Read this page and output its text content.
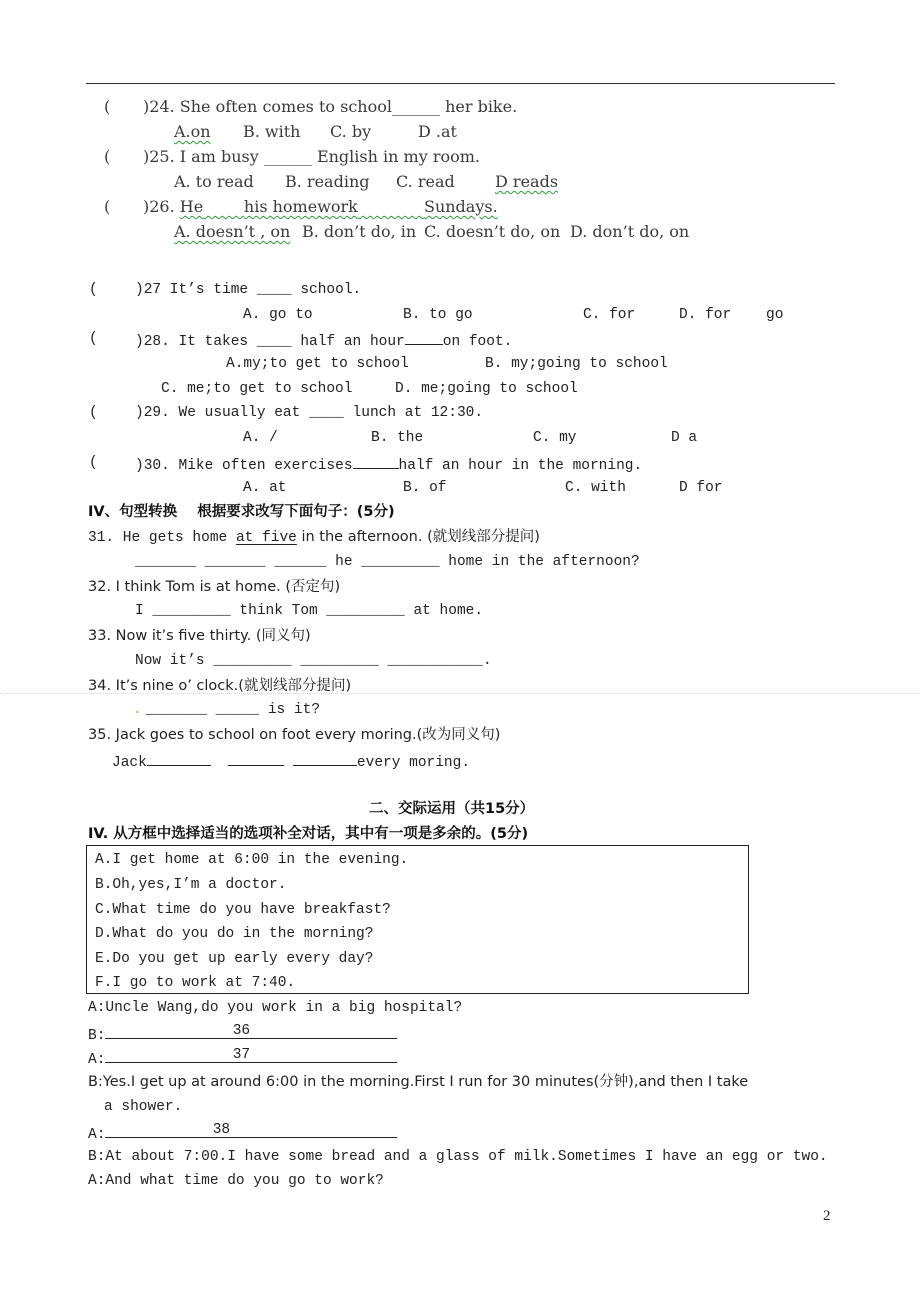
( )24. She often comes to school______ her bike.
A.on B. with C. by	D .at
( )25. I am busy ______ English in my room.
A. to read B. reading C. read	D reads
( )26. He	his homework	Sundays.
A. doesn’t , on B. don’t do, in C. doesn’t do, on D. don’t do, on
(	)27 It’s time ____ school.
A. go to	B. to go	C. for	D. for    go
(	)28. It takes ____ half an hour	on foot.
A.my;to get to school	B. my;going to school
C. me;to get to school	D. me;going to school
(	)29. We usually eat ____ lunch at 12:30.
A. /	B. the	C. my	D a
(	)30. Mike often exercises	half an hour in the morning.
A. at	B. of	C. with	D for
IV、句型转换    根据要求改写下面句子：(5分)
31. He gets home at five in the afternoon. (就划线部分提问)
_______ _______ ______ he _________ home in the afternoon?
32. I think Tom is at home. (否定句)
I _________ think Tom _________ at home.
33. Now it’s five thirty. (同义句)
Now it’s _________ _________ ___________.
34. It’s nine o’ clock.(就划线部分提问)
. _______ _____ is it?
35. Jack goes to school on foot every moring.(改为同义句)
Jack	every moring.
二、交际运用（共15分）
IV. 从方框中选择适当的选项补全对话，其中有一项是多余的。(5分)
A.I get home at 6:00 in the evening.
B.Oh,yes,I’m a doctor.
C.What time do you have breakfast?
D.What do you do in the morning?
E.Do you get up early every day?
F.I go to work at 7:40.
A:Uncle Wang,do you work in a big hospital?
B:	36
A:	37
B:Yes.I get up at around 6:00 in the morning.First I run for 30 minutes(分钟),and then I take
a shower.
A:	38
B:At about 7:00.I have some bread and a glass of milk.Sometimes I have an egg or two.
A:And what time do you go to work?
2
